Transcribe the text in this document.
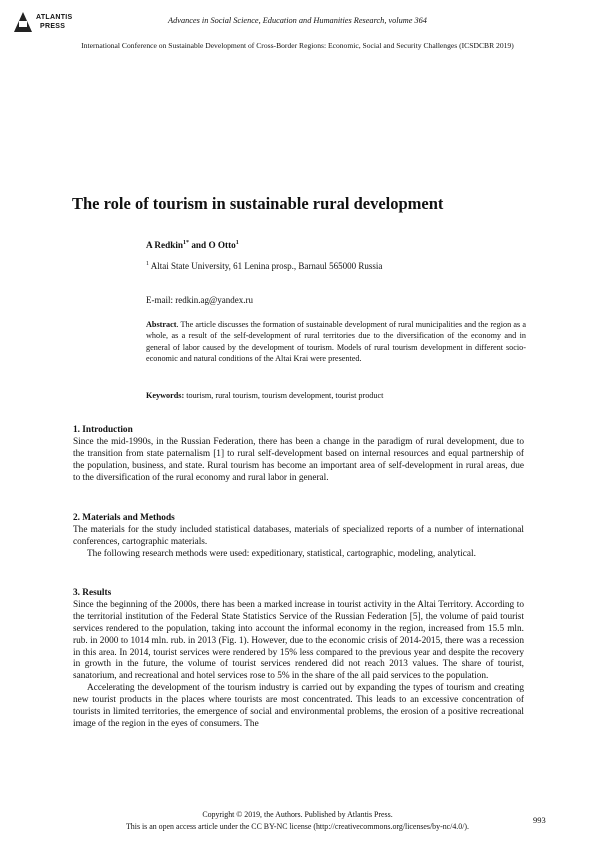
ATLANTIS
PRESS
Advances in Social Science, Education and Humanities Research, volume 364
International Conference on Sustainable Development of Cross-Border Regions: Economic, Social and Security Challenges (ICSDCBR 2019)
The role of tourism in sustainable rural development
A Redkin$^{1*}$ and O Otto$^1$
$^1$ Altai State University, 61 Lenina prosp., Barnaul 565000 Russia
E-mail: redkin.ag@yandex.ru
Abstract. The article discusses the formation of sustainable development of rural municipalities and the region as a whole, as a result of the self-development of rural territories due to the diversification of the economy and in general of labor caused by the development of tourism. Models of rural tourism development in different socio-economic and natural conditions of the Altai Krai were presented.
Keywords: tourism, rural tourism, tourism development, tourist product

1. Introduction

Since the mid-1990s, in the Russian Federation, there has been a change in the paradigm of rural development, due to the transition from state paternalism [1] to rural self-development based on internal resources and equal partnership of the population, business, and state. Rural tourism has become an important area of self-development in rural areas, due to the diversification of the rural economy and rural labor in general.

2. Materials and Methods

The materials for the study included statistical databases, materials of specialized reports of a number of international conferences, cartographic materials.

The following research methods were used: expeditionary, statistical, cartographic, modeling, analytical.

3. Results

Since the beginning of the 2000s, there has been a marked increase in tourist activity in the Altai Territory. According to the territorial institution of the Federal State Statistics Service of the Russian Federation [5], the volume of paid tourist services rendered to the population, taking into account the informal economy in the region, increased from 15.5 mln. rub. in 2000 to 1014 mln. rub. in 2013 (Fig. 1). However, due to the economic crisis of 2014-2015, there was a recession in this area. In 2014, tourist services were rendered by 15% less compared to the previous year and despite the recovery in growth in the future, the volume of tourist services rendered did not reach 2013 values. The share of tourist, sanatorium, and recreational and hotel services rose to 5% in the share of the all paid services to the population.

Accelerating the development of the tourism industry is carried out by expanding the types of tourism and creating new tourist products in the places where tourists are most concentrated. This leads to an excessive concentration of tourists in limited territories, the emergence of social and environmental problems, the erosion of a positive recreational image of the region in the eyes of consumers. The

Copyright © 2019, the Authors. Published by Atlantis Press.
This is an open access article under the CC BY-NC license (http://creativecommons.org/licenses/by-nc/4.0/).
993
